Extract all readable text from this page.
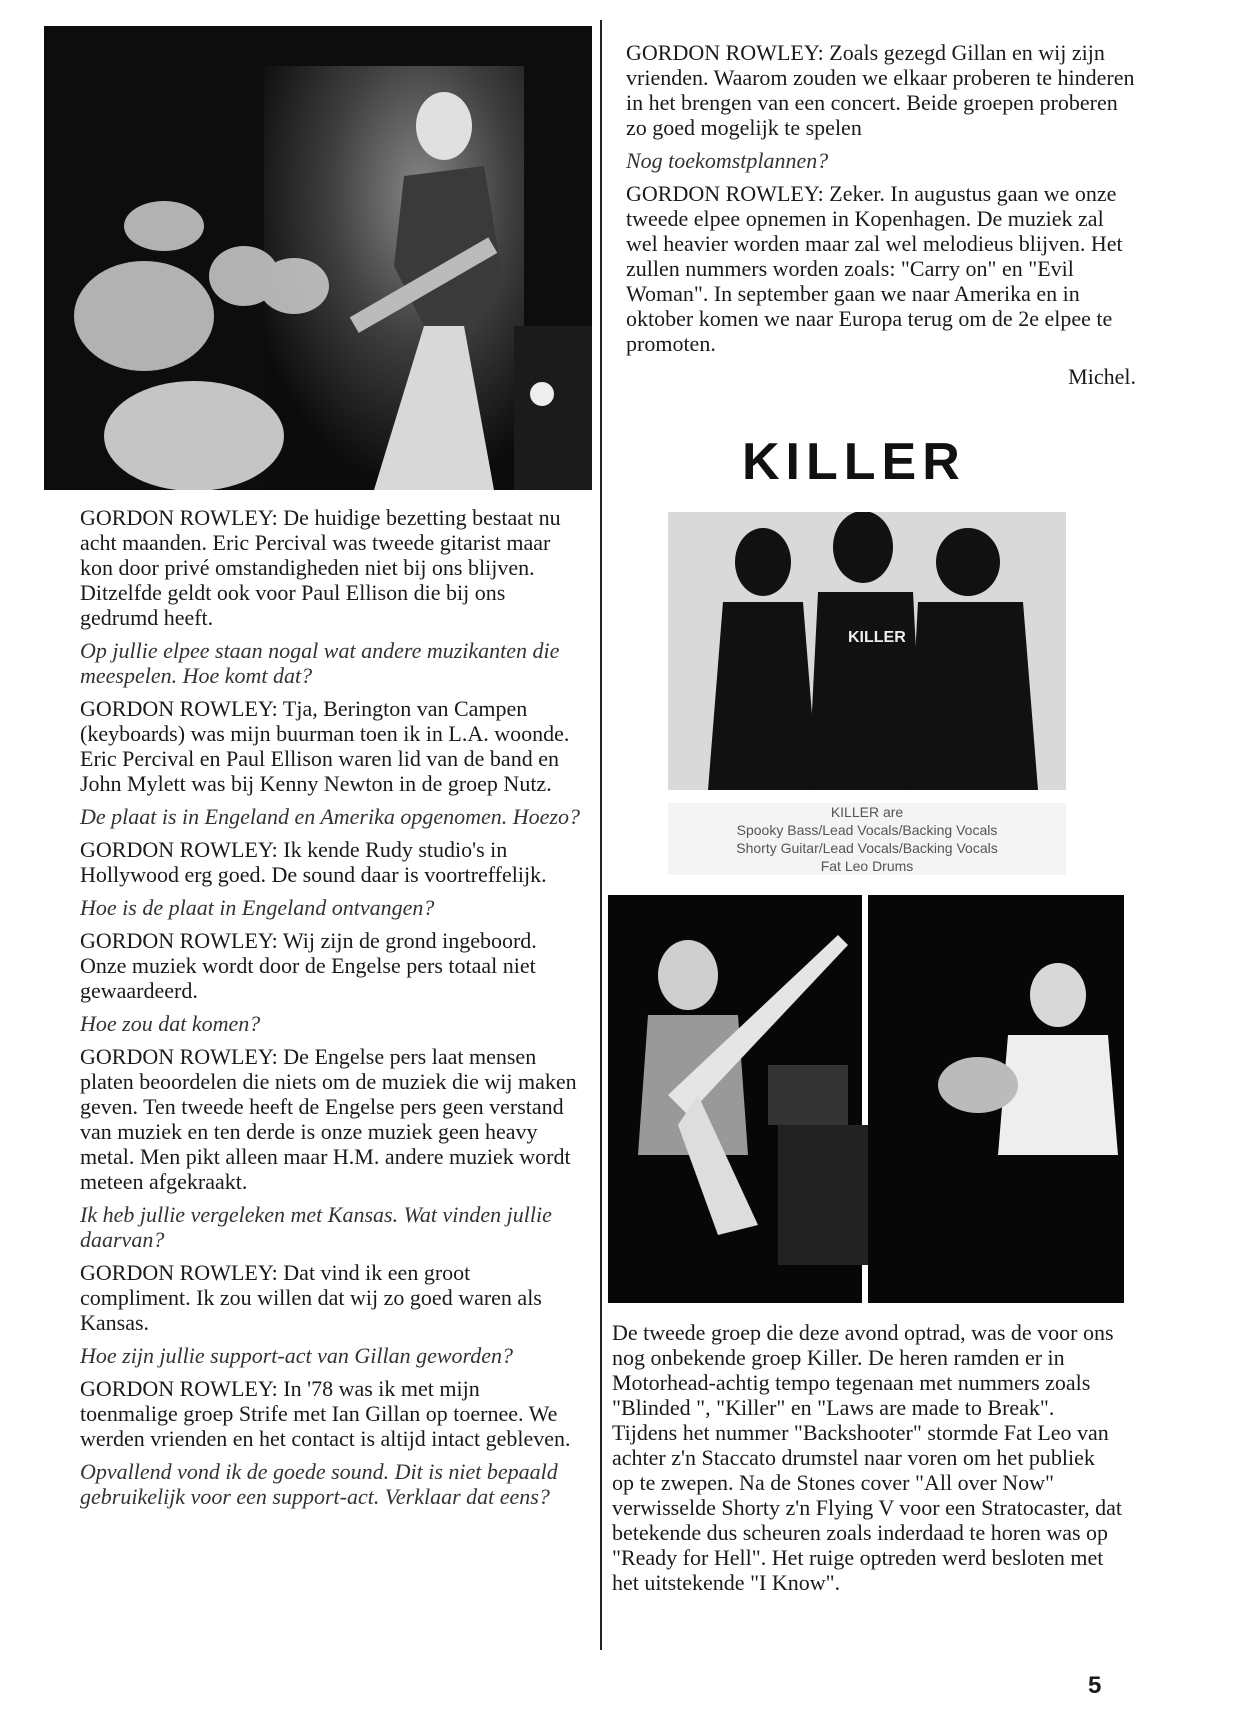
GORDON ROWLEY: De huidige bezetting bestaat nu acht maanden. Eric Percival was tweede gitarist maar kon door privé omstandigheden niet bij ons blijven. Ditzelfde geldt ook voor Paul Ellison die bij ons gedrumd heeft.

Op jullie elpee staan nogal wat andere muzikanten die meespelen. Hoe komt dat?

GORDON ROWLEY: Tja, Berington van Campen (keyboards) was mijn buurman toen ik in L.A. woonde. Eric Percival en Paul Ellison waren lid van de band en John Mylett was bij Kenny Newton in de groep Nutz.

De plaat is in Engeland en Amerika opgenomen. Hoezo?

GORDON ROWLEY: Ik kende Rudy studio's in Hollywood erg goed. De sound daar is voortreffelijk.

Hoe is de plaat in Engeland ontvangen?

GORDON ROWLEY: Wij zijn de grond ingeboord. Onze muziek wordt door de Engelse pers totaal niet gewaardeerd.

Hoe zou dat komen?

GORDON ROWLEY: De Engelse pers laat mensen platen beoordelen die niets om de muziek die wij maken geven. Ten tweede heeft de Engelse pers geen verstand van muziek en ten derde is onze muziek geen heavy metal. Men pikt alleen maar H.M. andere muziek wordt meteen afgekraakt.

Ik heb jullie vergeleken met Kansas. Wat vinden jullie daarvan?

GORDON ROWLEY: Dat vind ik een groot compliment. Ik zou willen dat wij zo goed waren als Kansas.

Hoe zijn jullie support-act van Gillan geworden?

GORDON ROWLEY: In '78 was ik met mijn toenmalige groep Strife met Ian Gillan op toernee. We werden vrienden en het contact is altijd intact gebleven.

Opvallend vond ik de goede sound. Dit is niet bepaald gebruikelijk voor een support-act. Verklaar dat eens?

GORDON ROWLEY: Zoals gezegd Gillan en wij zijn vrienden. Waarom zouden we elkaar proberen te hinderen in het brengen van een concert. Beide groepen proberen zo goed mogelijk te spelen

Nog toekomstplannen?

GORDON ROWLEY: Zeker. In augustus gaan we onze tweede elpee opnemen in Kopenhagen. De muziek zal wel heavier worden maar zal wel melodieus blijven. Het zullen nummers worden zoals: "Carry on" en "Evil Woman". In september gaan we naar Amerika en in oktober komen we naar Europa terug om de 2e elpee te promoten.

Michel.

KILLER
KILLER
KILLER are
Spooky Bass/Lead Vocals/Backing Vocals
Shorty Guitar/Lead Vocals/Backing Vocals
Fat Leo Drums

De tweede groep die deze avond optrad, was de voor ons nog onbekende groep Killer. De heren ramden er in Motorhead-achtig tempo tegenaan met nummers zoals "Blinded ", "Killer" en "Laws are made to Break". Tijdens het nummer "Backshooter" stormde Fat Leo van achter z'n Staccato drumstel naar voren om het publiek op te zwepen. Na de Stones cover "All over Now" verwisselde Shorty z'n Flying V voor een Stratocaster, dat betekende dus scheuren zoals inderdaad te horen was op "Ready for Hell". Het ruige optreden werd besloten met het uitstekende "I Know".

5
